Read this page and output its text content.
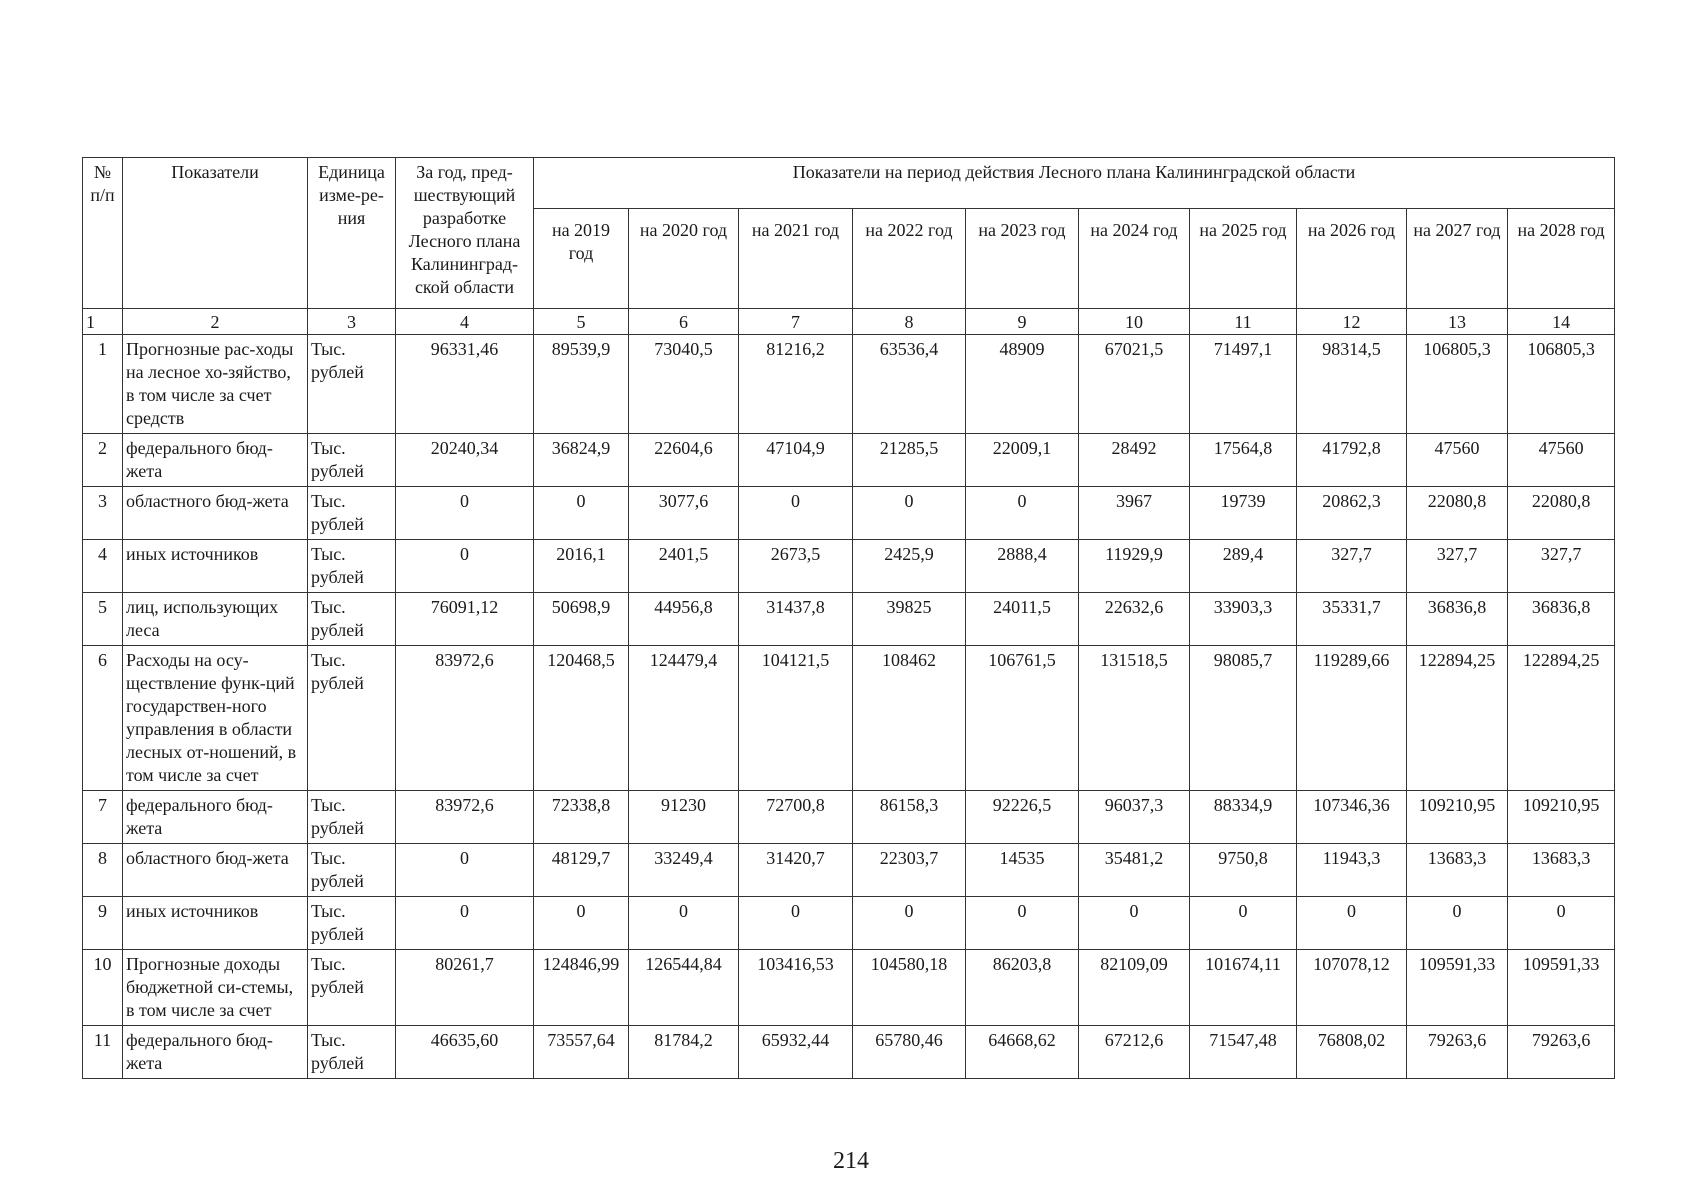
№ п/п	Показатели	Единица изме-ре-ния	За год, пред-шествующий разработке Лесного плана Калининград-ской области	Показатели на период действия Лесного плана Калининградской области									
				на 2019 год	на 2020 год	на 2021 год	на 2022 год	на 2023 год	на 2024 год	на 2025 год	на 2026 год	на 2027 год	на 2028 год
1	2	3	4	5	6	7	8	9	10	11	12	13	14
1	Прогнозные рас-ходы на лесное хо-зяйство, в том числе за счет средств	Тыс. рублей	96331,46	89539,9	73040,5	81216,2	63536,4	48909	67021,5	71497,1	98314,5	106805,3	106805,3
2	федерального бюд-жета	Тыс. рублей	20240,34	36824,9	22604,6	47104,9	21285,5	22009,1	28492	17564,8	41792,8	47560	47560
3	областного бюд-жета	Тыс. рублей	0	0	3077,6	0	0	0	3967	19739	20862,3	22080,8	22080,8
4	иных источников	Тыс. рублей	0	2016,1	2401,5	2673,5	2425,9	2888,4	11929,9	289,4	327,7	327,7	327,7
5	лиц, использующих леса	Тыс. рублей	76091,12	50698,9	44956,8	31437,8	39825	24011,5	22632,6	33903,3	35331,7	36836,8	36836,8
6	Расходы на осу-ществление функ-ций государствен-ного управления в области лесных от-ношений, в том числе за счет	Тыс. рублей	83972,6	120468,5	124479,4	104121,5	108462	106761,5	131518,5	98085,7	119289,66	122894,25	122894,25
7	федерального бюд-жета	Тыс. рублей	83972,6	72338,8	91230	72700,8	86158,3	92226,5	96037,3	88334,9	107346,36	109210,95	109210,95
8	областного бюд-жета	Тыс. рублей	0	48129,7	33249,4	31420,7	22303,7	14535	35481,2	9750,8	11943,3	13683,3	13683,3
9	иных источников	Тыс. рублей	0	0	0	0	0	0	0	0	0	0	0
10	Прогнозные доходы бюджетной си-стемы, в том числе за счет	Тыс. рублей	80261,7	124846,99	126544,84	103416,53	104580,18	86203,8	82109,09	101674,11	107078,12	109591,33	109591,33
11	федерального бюд-жета	Тыс. рублей	46635,60	73557,64	81784,2	65932,44	65780,46	64668,62	67212,6	71547,48	76808,02	79263,6	79263,6
214
